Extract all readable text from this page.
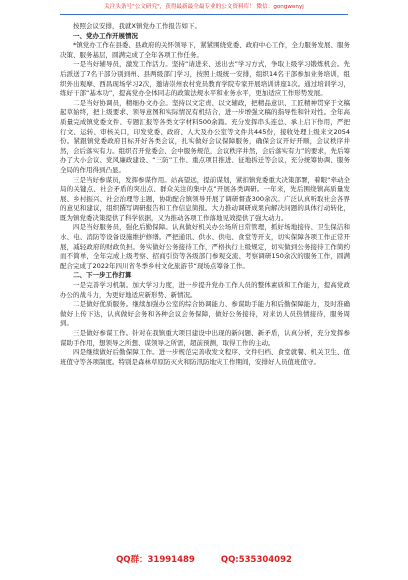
关注头条号"公文研究"，获得最新最全最专业的公文资料库！ 微信：gongwenyj

按照会议安排，我就X镇党办工作报告如下。

一、党办工作开展情况

*镇党办工作在县委、县政府的关怀领导下，紧紧围绕党委、政府中心工作，全力服务发展、服务决策、服务基层，圆满完成了全年各项工作任务。

一是当好辅导员，激发工作活力。坚持“请进来、送出去”学习方式，争取上级学习锻炼机会。先后派送了7名干部分别到州、县两级部门学习，按照上级统一安排，组织14名干部参加业务培训，组织外出观摩、西昌现场学习2次，邀请崇州农村党员教育学院专家开展培训讲座1次。通过培训学习，练好干部“基本功”，提高党办全体同志的政策法规水平和业务水平，更加适应工作形势发展。

二是当好协调员，精细办文办会。坚持以文定责、以文辅政，把精品意识、工匠精神贯穿于文稿起草始终，把上级要求、领导意图和实际情况有机结合，进一步增强文稿的指导性和针对性。全年高质量完成镇党委文件、专题汇报等各类文字材料500余篇。充分发挥串头连总、承上启下作用，严把行文、运转、审核关口，印发党委、政府、人大及办公室等文件共445份，接收处理上级来文2054份。紧跟镇党委政府目标开好各类会议，扎实做好会议保障服务，确保会议开好开顺，会议秩序井然，会后落实有力。组织召开党委会、会中服务规范，会议秩序井然，会后落实有力”的要求，先后筹办了大小会议、党风廉政建设、“三防”工作、重点项目推进、征地拆迁等会议，充分统筹协调、服务全局的作用得到凸显。

三是当好参谋员，发挥参谋作用。站高望远，提前谋划，紧扣镇党委重大决策部署，着眼“牵动全局的关键点、社会矛盾的突出点、群众关注的集中点”开展各类调研。一年来，先后围绕镇高质量发展、乡村振兴、社会治理等主题，协助配合镇领导开展了调研督查300余次。广泛认真听取社会各界的意见和建议，组织撰写调研报告和工作信息简报。大力推动调研成果向解决问题的具体行动转化，既为镇党委决策提供了科学依据，又为推动各项工作落地见效提供了强大动力。

四是当好服务员，强化后勤保障。认真做好机关办公场所日常管理，抓好场地接待、卫生保洁和水、电、消防等设备设施维护修缮。严把通讯、供水、供电、食堂等开支，切实保障各项工作正常开展，减轻政府的财政负担。务实做好公务接待工作，严格执行上级规定，切实做到公务接待工作简约而不简单，全年完成上级考察、招商引资等各级部门参观交流、考察调研150余次的服务工作，圆满配合完成了2022年四川省冬季乡村文化旅游节“现场点筹备工作。

二、下一步工作打算

一是完善学习机制。加大学习力度，进一步提升党办工作人员的整体素质和工作能力，提高党政办公的战斗力，为更好地适应新形势、新情况。

二是做好优质服务。继续加强办公室的综合协调能力、参谋助手能力和后勤保障能力，及时准确做好上传下达，认真做好会务和各种会议会务保障，做好公务接待，对来访人员热情接待，服务周到。

三是做好参谋工作。针对在我镇重大项目建设中出现的新问题、新矛盾，认真分析，充分发挥参谋助手作用，想领导之所想、谋领导之所需，超前预测，取得工作的主动。

四是继续做好后勤保障工作。进一步规范完善收发文程序、文件归档、食堂就餐、机关卫生、值班值守等各项制度。特别是森林草原防灭火和防汛防地灾工作期间，安排好人员值班值守。

QQ群：31991489	QQ:535304092
